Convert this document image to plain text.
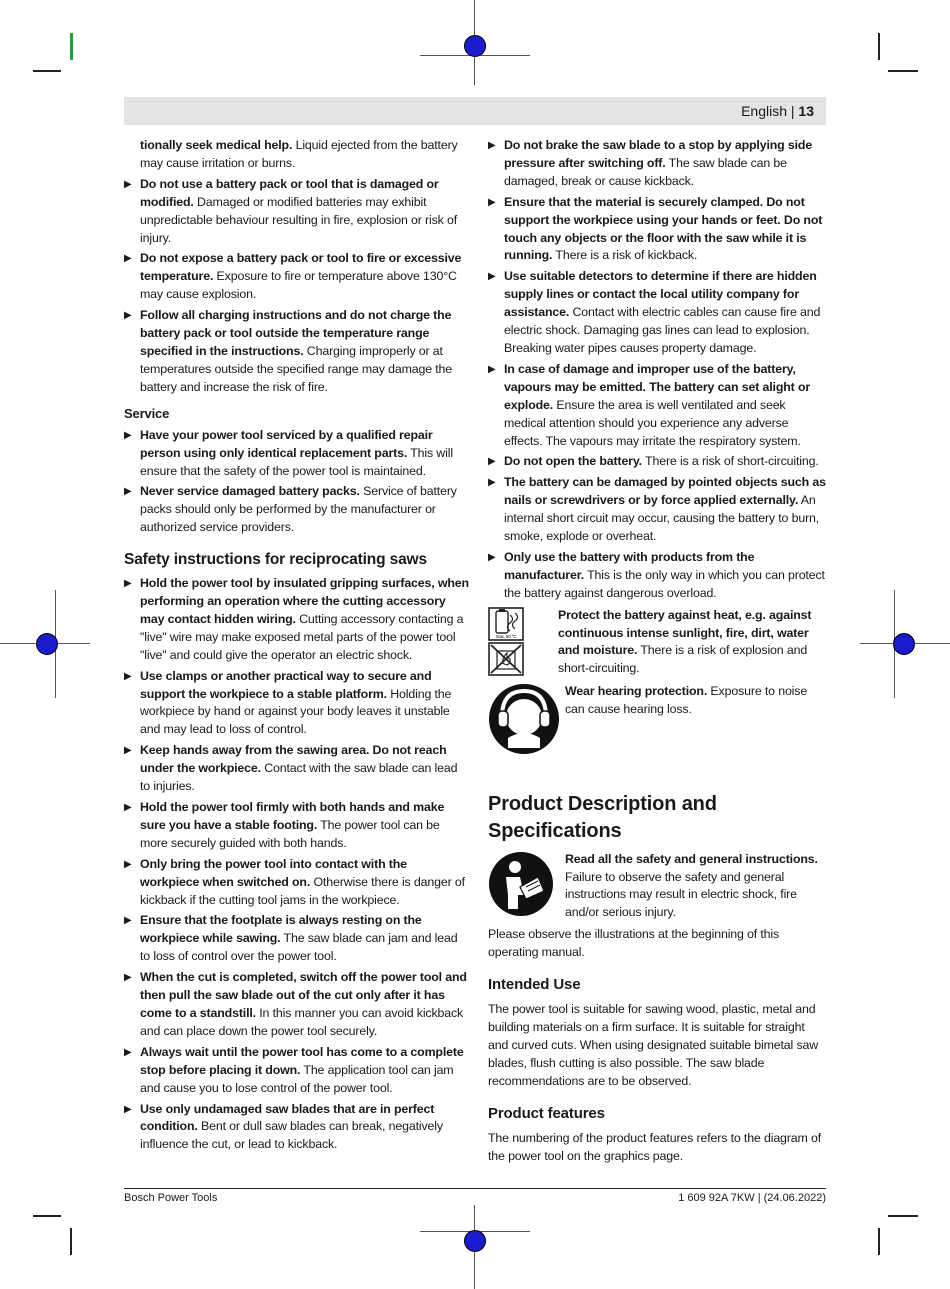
English | 13

tionally seek medical help. Liquid ejected from the battery may cause irritation or burns.

▶ Do not use a battery pack or tool that is damaged or modified. Damaged or modified batteries may exhibit unpredictable behaviour resulting in fire, explosion or risk of injury.
▶ Do not expose a battery pack or tool to fire or excessive temperature. Exposure to fire or temperature above 130°C may cause explosion.
▶ Follow all charging instructions and do not charge the battery pack or tool outside the temperature range specified in the instructions. Charging improperly or at temperatures outside the specified range may damage the battery and increase the risk of fire.
Service
▶ Have your power tool serviced by a qualified repair person using only identical replacement parts. This will ensure that the safety of the power tool is maintained.
▶ Never service damaged battery packs. Service of battery packs should only be performed by the manufacturer or authorized service providers.
Safety instructions for reciprocating saws
▶ Hold the power tool by insulated gripping surfaces, when performing an operation where the cutting accessory may contact hidden wiring. Cutting accessory contacting a "live" wire may make exposed metal parts of the power tool "live" and could give the operator an electric shock.
▶ Use clamps or another practical way to secure and support the workpiece to a stable platform. Holding the workpiece by hand or against your body leaves it unstable and may lead to loss of control.
▶ Keep hands away from the sawing area. Do not reach under the workpiece. Contact with the saw blade can lead to injuries.
▶ Hold the power tool firmly with both hands and make sure you have a stable footing. The power tool can be more securely guided with both hands.
▶ Only bring the power tool into contact with the workpiece when switched on. Otherwise there is danger of kickback if the cutting tool jams in the workpiece.
▶ Ensure that the footplate is always resting on the workpiece while sawing. The saw blade can jam and lead to loss of control over the power tool.
▶ When the cut is completed, switch off the power tool and then pull the saw blade out of the cut only after it has come to a standstill. In this manner you can avoid kickback and can place down the power tool securely.
▶ Always wait until the power tool has come to a complete stop before placing it down. The application tool can jam and cause you to lose control of the power tool.
▶ Use only undamaged saw blades that are in perfect condition. Bent or dull saw blades can break, negatively influence the cut, or lead to kickback.
▶ Do not brake the saw blade to a stop by applying side pressure after switching off. The saw blade can be damaged, break or cause kickback.
▶ Ensure that the material is securely clamped. Do not support the workpiece using your hands or feet. Do not touch any objects or the floor with the saw while it is running. There is a risk of kickback.
▶ Use suitable detectors to determine if there are hidden supply lines or contact the local utility company for assistance. Contact with electric cables can cause fire and electric shock. Damaging gas lines can lead to explosion. Breaking water pipes causes property damage.
▶ In case of damage and improper use of the battery, vapours may be emitted. The battery can set alight or explode. Ensure the area is well ventilated and seek medical attention should you experience any adverse effects. The vapours may irritate the respiratory system.
▶ Do not open the battery. There is a risk of short-circuiting.
▶ The battery can be damaged by pointed objects such as nails or screwdrivers or by force applied externally. An internal short circuit may occur, causing the battery to burn, smoke, explode or overheat.
▶ Only use the battery with products from the manufacturer. This is the only way in which you can protect the battery against dangerous overload.
max. 50 °C
Protect the battery against heat, e.g. against continuous intense sunlight, fire, dirt, water and moisture. There is a risk of explosion and short-circuiting.
Wear hearing protection. Exposure to noise can cause hearing loss.
Product Description and Specifications
Read all the safety and general instructions. Failure to observe the safety and general instructions may result in electric shock, fire and/or serious injury.

Please observe the illustrations at the beginning of this operating manual.

Intended Use

The power tool is suitable for sawing wood, plastic, metal and building materials on a firm surface. It is suitable for straight and curved cuts. When using designated suitable bimetal saw blades, flush cutting is also possible. The saw blade recommendations are to be observed.

Product features

The numbering of the product features refers to the diagram of the power tool on the graphics page.

Bosch Power Tools	1 609 92A 7KW | (24.06.2022)
